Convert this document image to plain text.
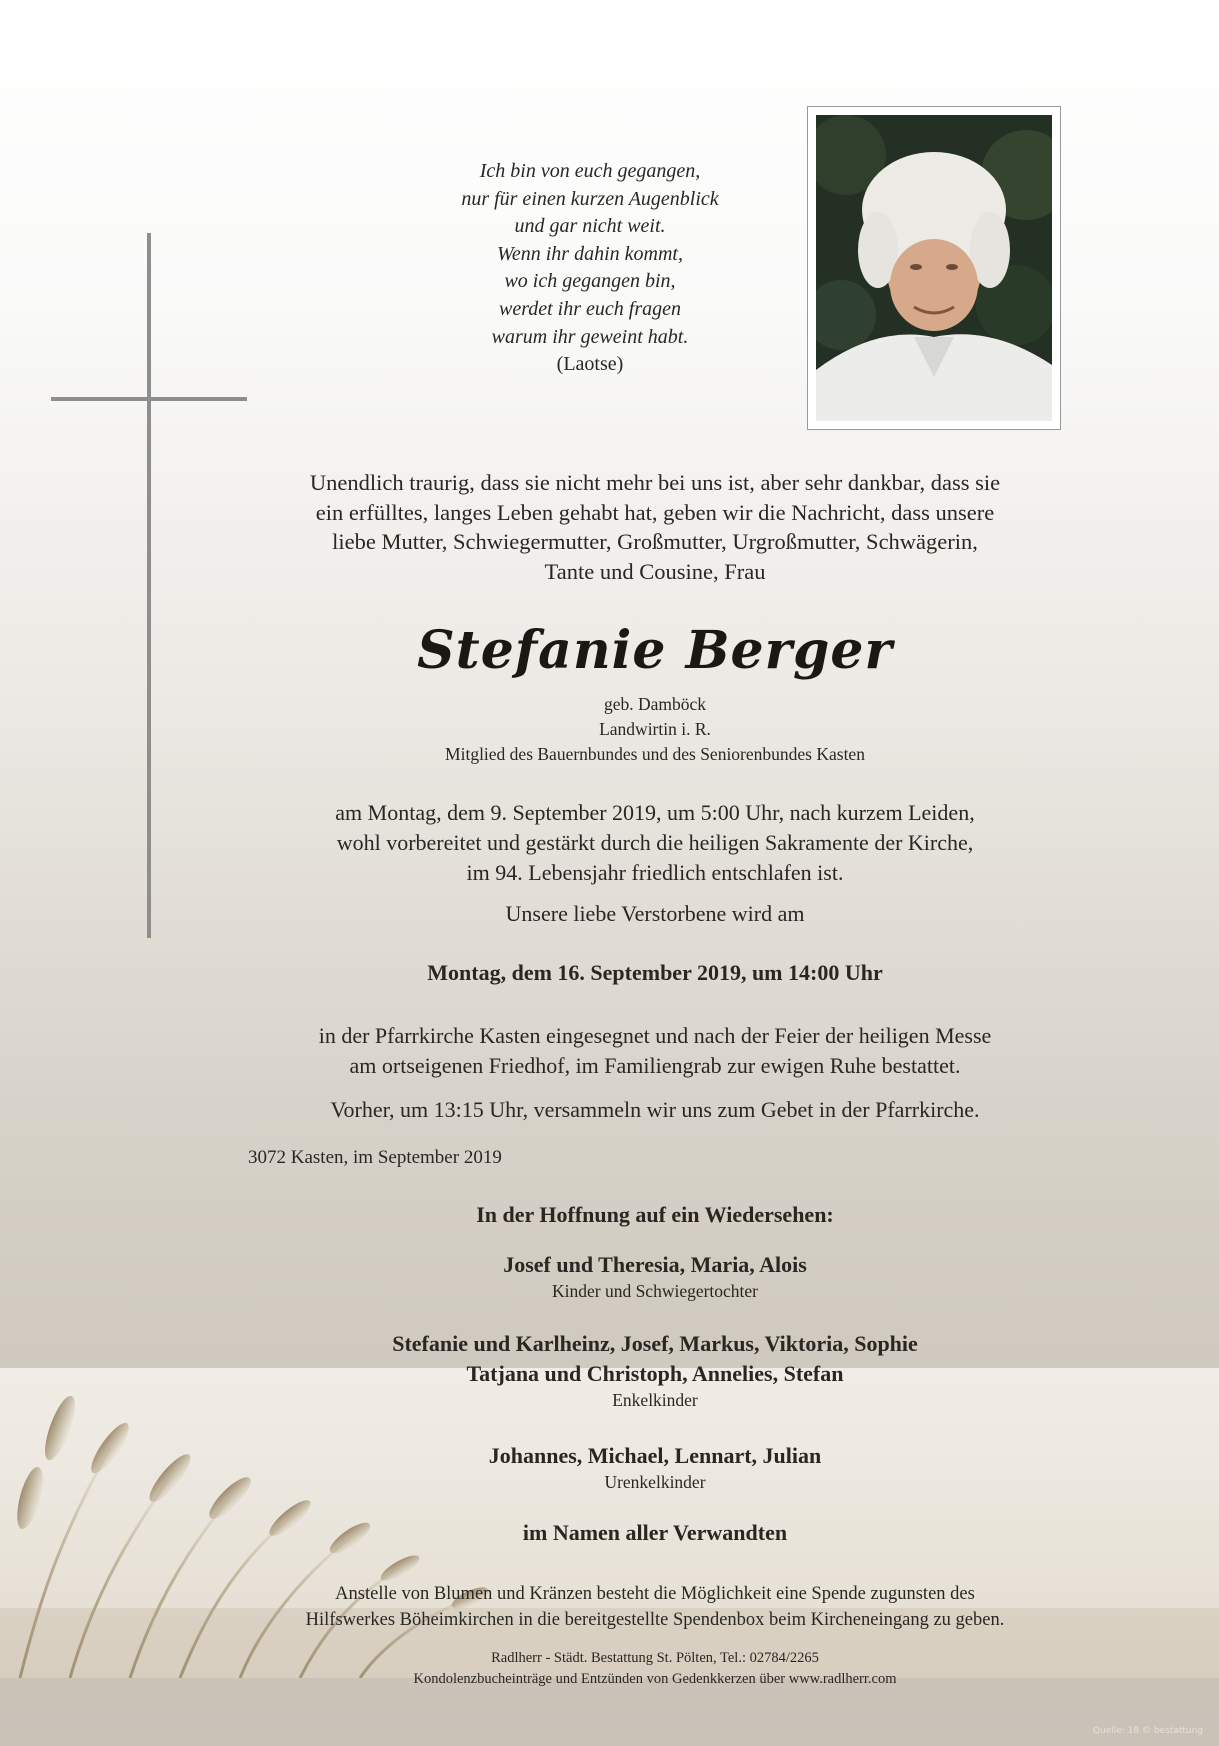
Ich bin von euch gegangen,
nur für einen kurzen Augenblick
und gar nicht weit.
Wenn ihr dahin kommt,
wo ich gegangen bin,
werdet ihr euch fragen
warum ihr geweint habt.
(Laotse)
Unendlich traurig, dass sie nicht mehr bei uns ist, aber sehr dankbar, dass sie
ein erfülltes, langes Leben gehabt hat, geben wir die Nachricht, dass unsere
liebe Mutter, Schwiegermutter, Großmutter, Urgroßmutter, Schwägerin,
Tante und Cousine, Frau
Stefanie Berger
geb. Damböck
Landwirtin i. R.
Mitglied des Bauernbundes und des Seniorenbundes Kasten
am Montag, dem 9. September 2019, um 5:00 Uhr, nach kurzem Leiden,
wohl vorbereitet und gestärkt durch die heiligen Sakramente der Kirche,
im 94. Lebensjahr friedlich entschlafen ist.
Unsere liebe Verstorbene wird am
Montag, dem 16. September 2019, um 14:00 Uhr
in der Pfarrkirche Kasten eingesegnet und nach der Feier der heiligen Messe
am ortseigenen Friedhof, im Familiengrab zur ewigen Ruhe bestattet.
Vorher, um 13:15 Uhr, versammeln wir uns zum Gebet in der Pfarrkirche.
3072 Kasten, im September 2019
In der Hoffnung auf ein Wiedersehen:
Josef und Theresia, Maria, Alois
Kinder und Schwiegertochter
Stefanie und Karlheinz, Josef, Markus, Viktoria, Sophie
Tatjana und Christoph, Annelies, Stefan
Enkelkinder
Johannes, Michael, Lennart, Julian
Urenkelkinder
im Namen aller Verwandten
Anstelle von Blumen und Kränzen besteht die Möglichkeit eine Spende zugunsten des
Hilfswerkes Böheimkirchen in die bereitgestellte Spendenbox beim Kircheneingang zu geben.
Radlherr - Städt. Bestattung St. Pölten, Tel.: 02784/2265
Kondolenzbucheinträge und Entzünden von Gedenkkerzen über www.radlherr.com
Quelle: 18 © bestattung
